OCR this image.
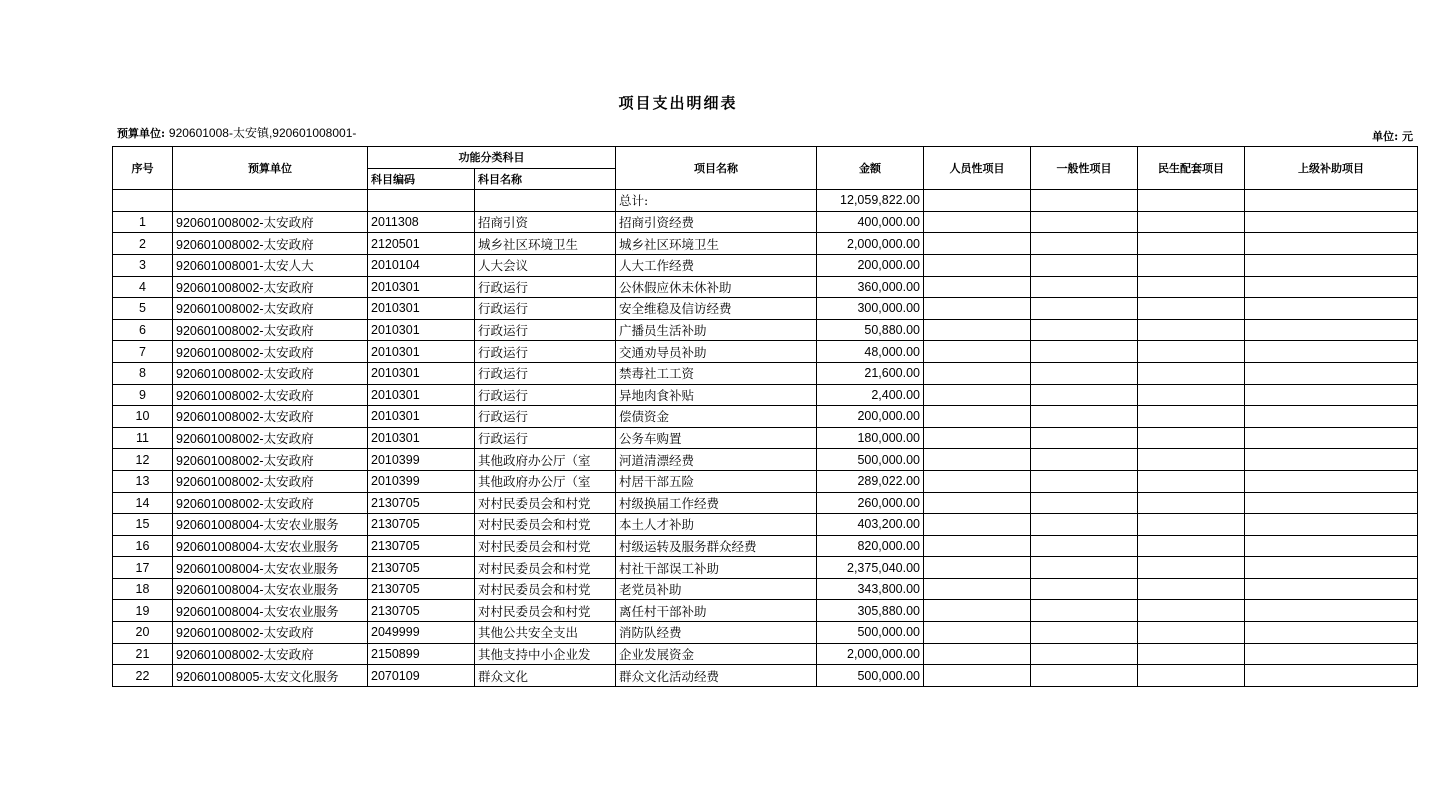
项目支出明细表
预算单位: 920601008-太安镇,920601008001-	单位: 元
序号	预算单位	功能分类科目		项目名称	金额	人员性项目	一般性项目	民生配套项目	上级补助项目
		科目编码	科目名称						
				总计:	12,059,822.00				
1	920601008002-太安政府	2011308	招商引资	招商引资经费	400,000.00				
2	920601008002-太安政府	2120501	城乡社区环境卫生	城乡社区环境卫生	2,000,000.00				
3	920601008001-太安人大	2010104	人大会议	人大工作经费	200,000.00				
4	920601008002-太安政府	2010301	行政运行	公休假应休未休补助	360,000.00				
5	920601008002-太安政府	2010301	行政运行	安全维稳及信访经费	300,000.00				
6	920601008002-太安政府	2010301	行政运行	广播员生活补助	50,880.00				
7	920601008002-太安政府	2010301	行政运行	交通劝导员补助	48,000.00				
8	920601008002-太安政府	2010301	行政运行	禁毒社工工资	21,600.00				
9	920601008002-太安政府	2010301	行政运行	异地肉食补贴	2,400.00				
10	920601008002-太安政府	2010301	行政运行	偿债资金	200,000.00				
11	920601008002-太安政府	2010301	行政运行	公务车购置	180,000.00				
12	920601008002-太安政府	2010399	其他政府办公厅（室	河道清漂经费	500,000.00				
13	920601008002-太安政府	2010399	其他政府办公厅（室	村居干部五险	289,022.00				
14	920601008002-太安政府	2130705	对村民委员会和村党	村级换届工作经费	260,000.00				
15	920601008004-太安农业服务	2130705	对村民委员会和村党	本土人才补助	403,200.00				
16	920601008004-太安农业服务	2130705	对村民委员会和村党	村级运转及服务群众经费	820,000.00				
17	920601008004-太安农业服务	2130705	对村民委员会和村党	村社干部误工补助	2,375,040.00				
18	920601008004-太安农业服务	2130705	对村民委员会和村党	老党员补助	343,800.00				
19	920601008004-太安农业服务	2130705	对村民委员会和村党	离任村干部补助	305,880.00				
20	920601008002-太安政府	2049999	其他公共安全支出	消防队经费	500,000.00				
21	920601008002-太安政府	2150899	其他支持中小企业发	企业发展资金	2,000,000.00				
22	920601008005-太安文化服务	2070109	群众文化	群众文化活动经费	500,000.00				
